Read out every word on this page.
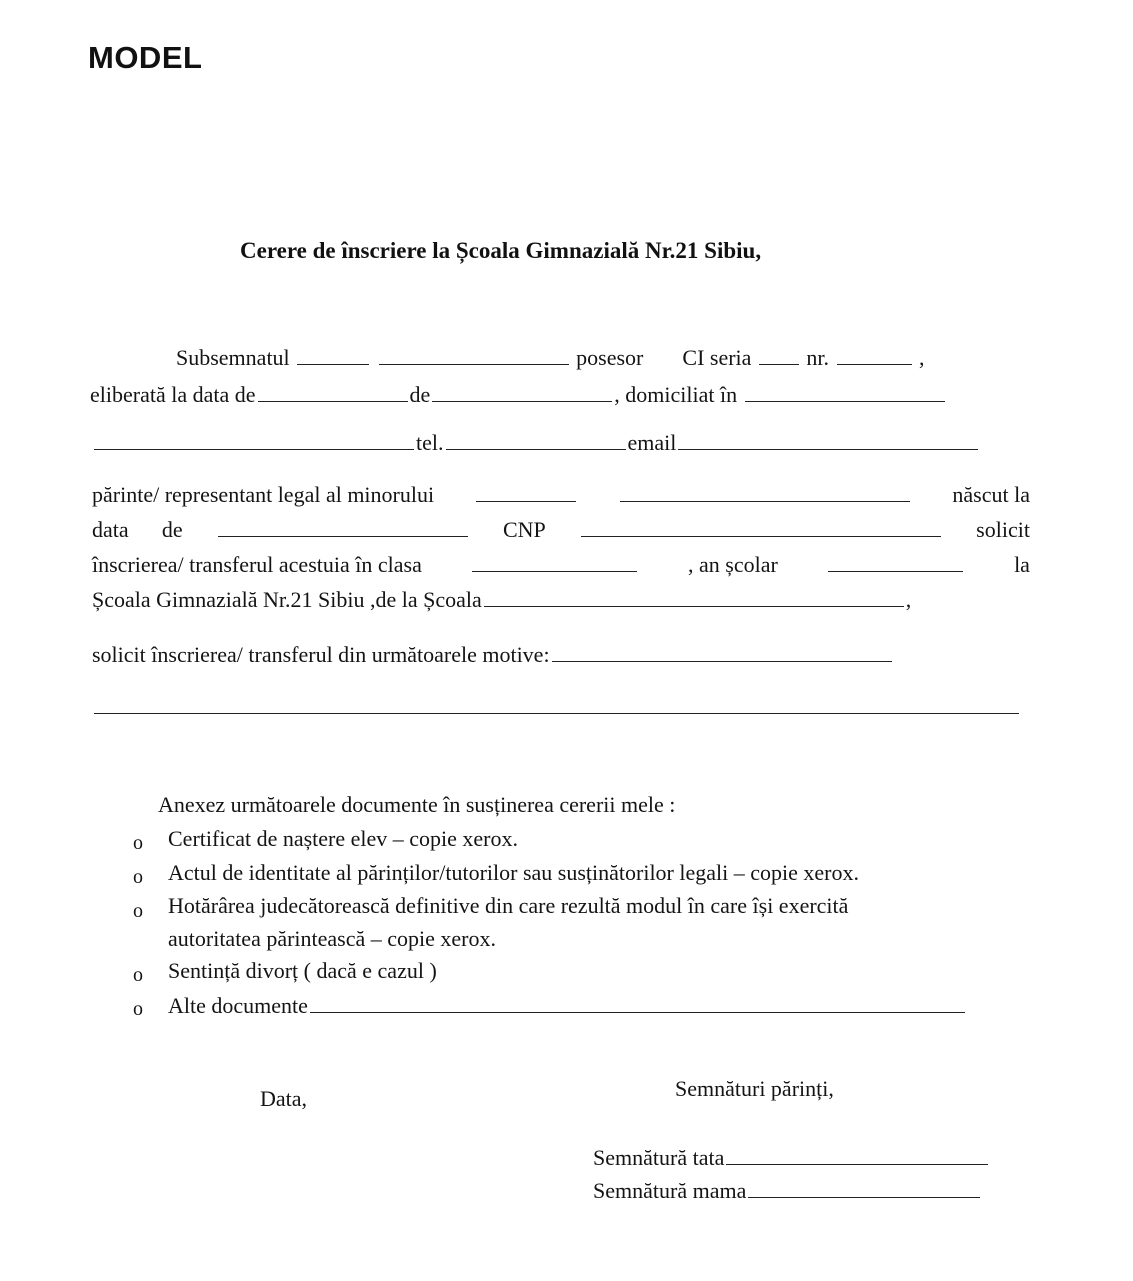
MODEL
Cerere de înscriere la Școala Gimnazială Nr.21 Sibiu,
Subsemnatul	posesor CI seria	nr.	,
eliberată la data de	de	, domiciliat în
tel.	email
părinte/ representant legal al minorului	născut la
data de	CNP	solicit
înscrierea/ transferul acestuia în clasa	, an școlar	la
Școala Gimnazială Nr.21 Sibiu ,de la Școala	,
solicit înscrierea/ transferul din următoarele motive:
Anexez următoarele documente în susținerea cererii mele :
o Certificat de naștere elev – copie xerox.
o Actul de identitate al părinților/tutorilor sau susținătorilor legali – copie xerox.
o Hotărârea judecătorească definitive din care rezultă modul în care își exercită
autoritatea părintească – copie xerox.
o Sentință divorț ( dacă e cazul )
o Alte documente
Data,	Semnături părinți,
Semnătură tata
Semnătură mama
